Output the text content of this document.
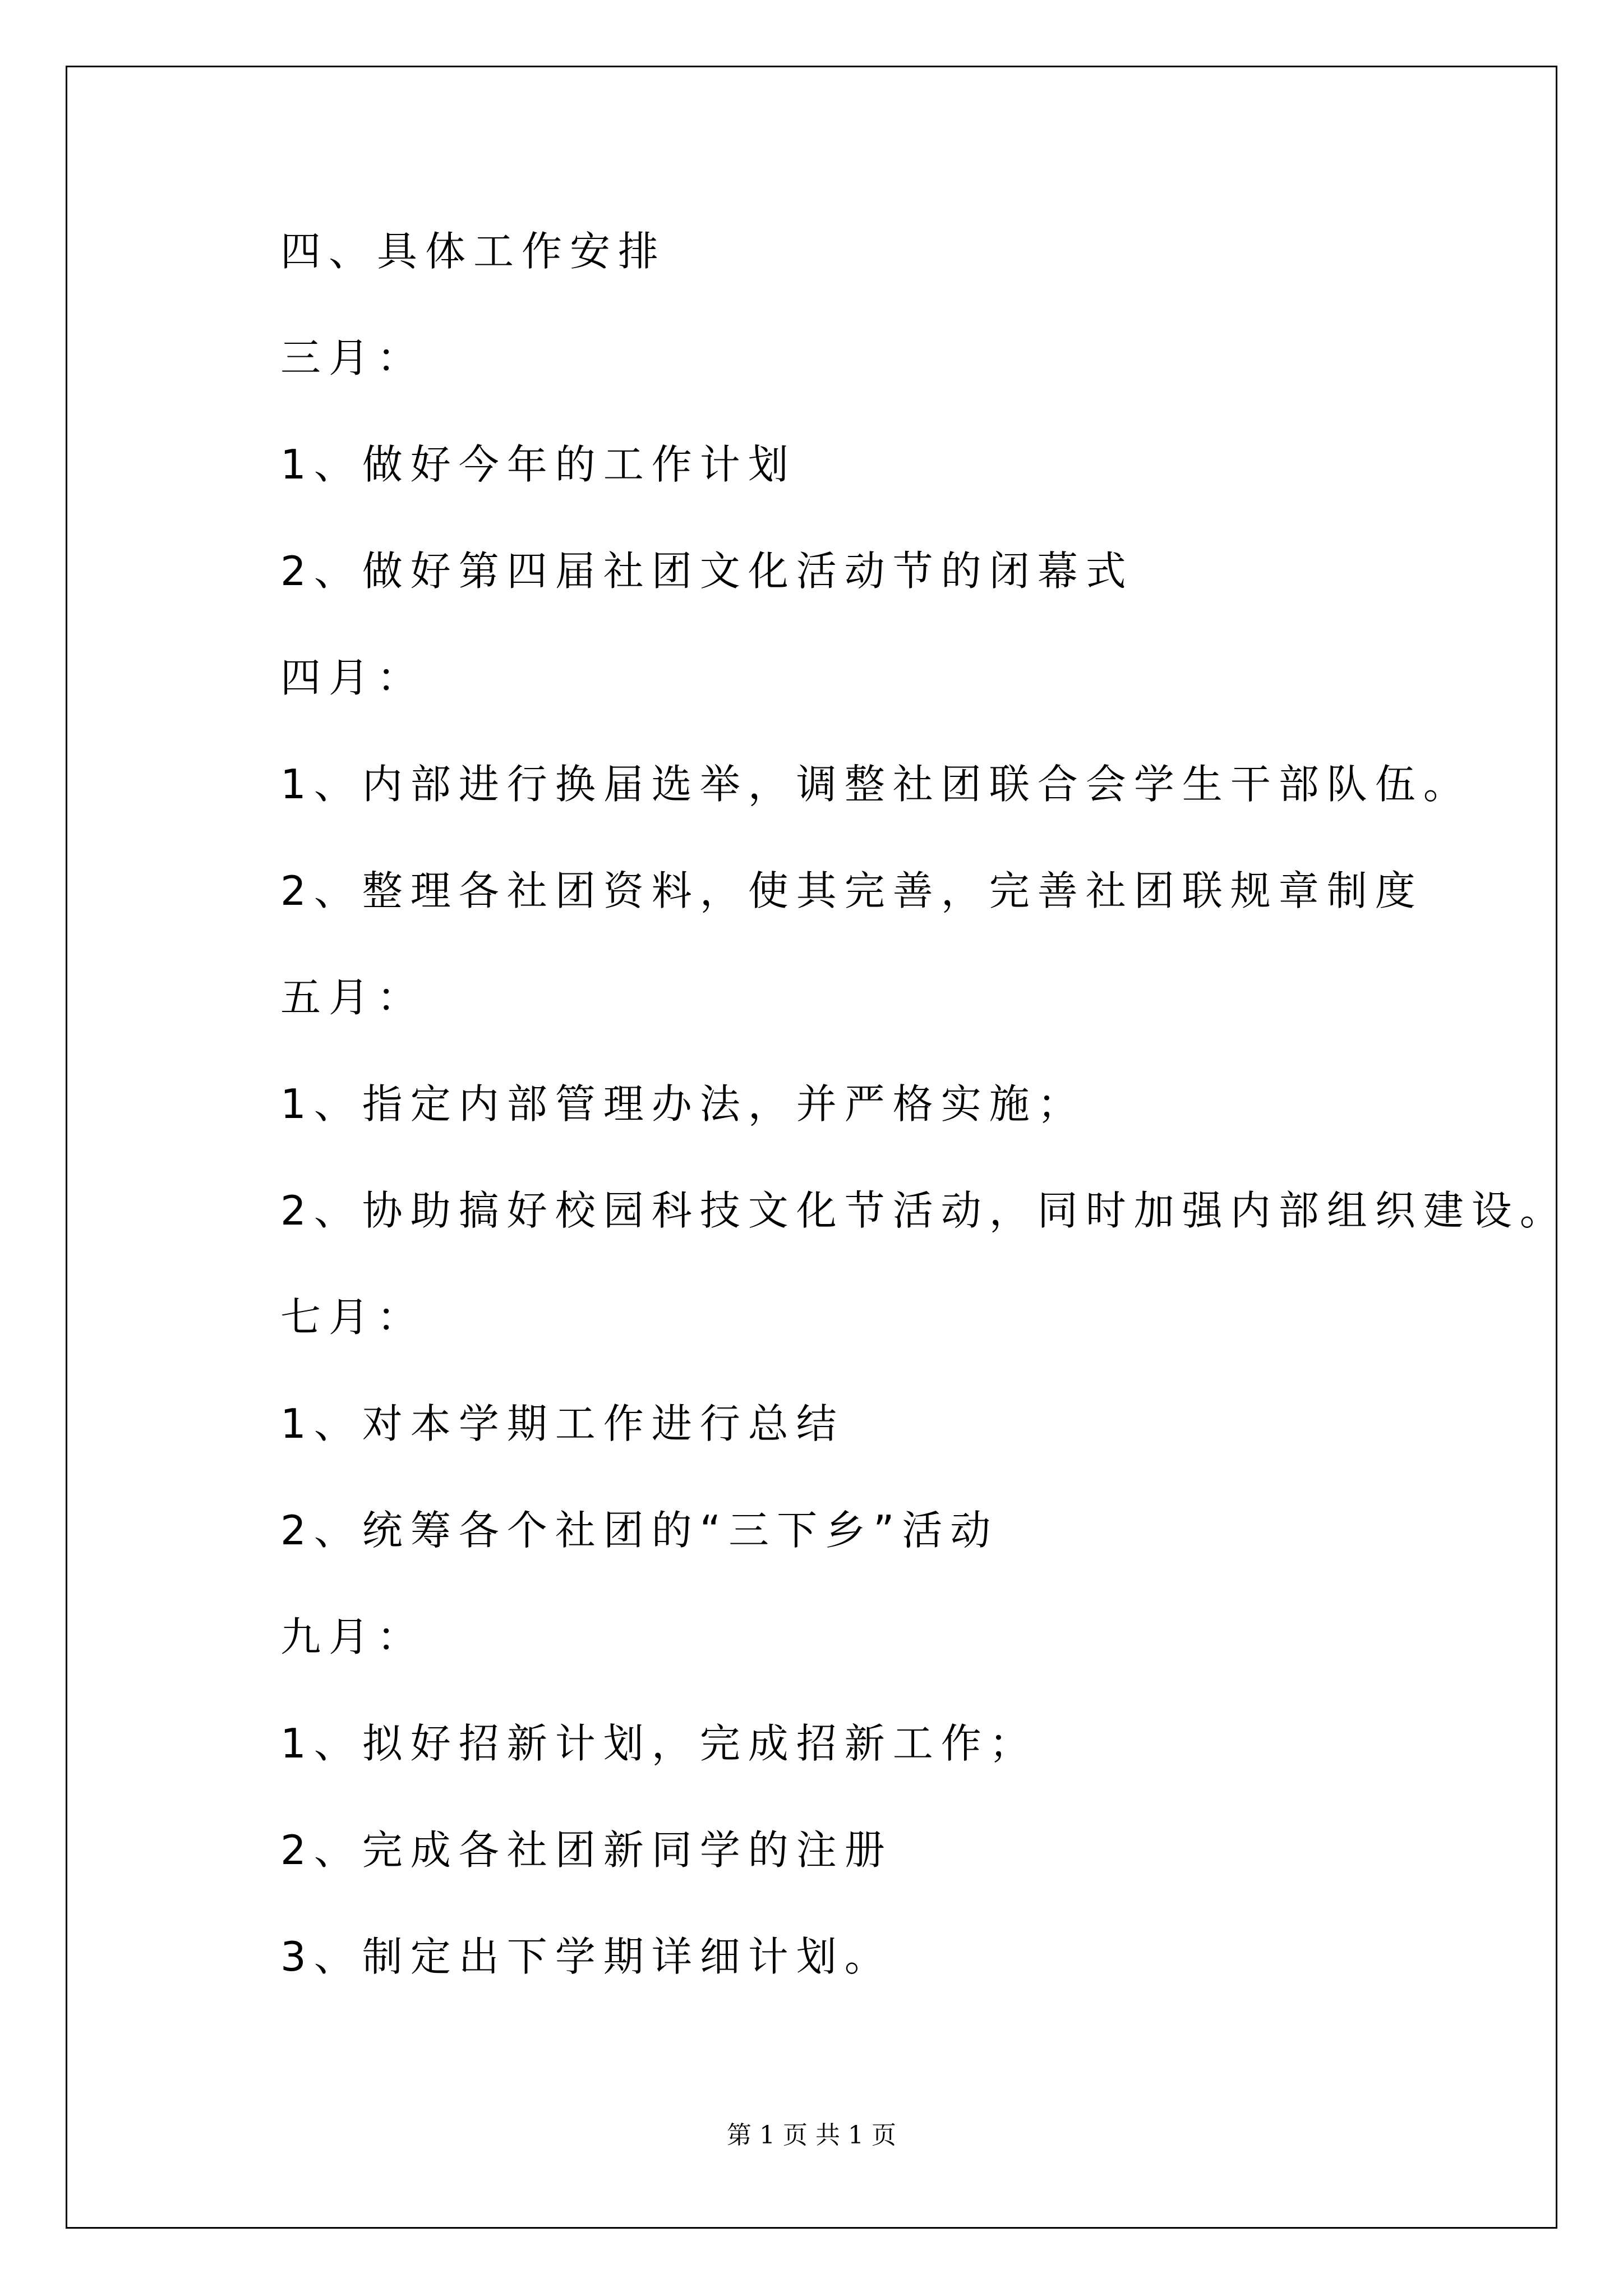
四、具体工作安排
三月：
1、做好今年的工作计划
2、做好第四届社团文化活动节的闭幕式
四月：
1、内部进行换届选举，调整社团联合会学生干部队伍。
2、整理各社团资料，使其完善，完善社团联规章制度
五月：
1、指定内部管理办法，并严格实施；
2、协助搞好校园科技文化节活动，同时加强内部组织建设。
七月：
1、对本学期工作进行总结
2、统筹各个社团的“三下乡”活动
九月：
1、拟好招新计划，完成招新工作；
2、完成各社团新同学的注册
3、制定出下学期详细计划。
第 1 页 共 1 页
